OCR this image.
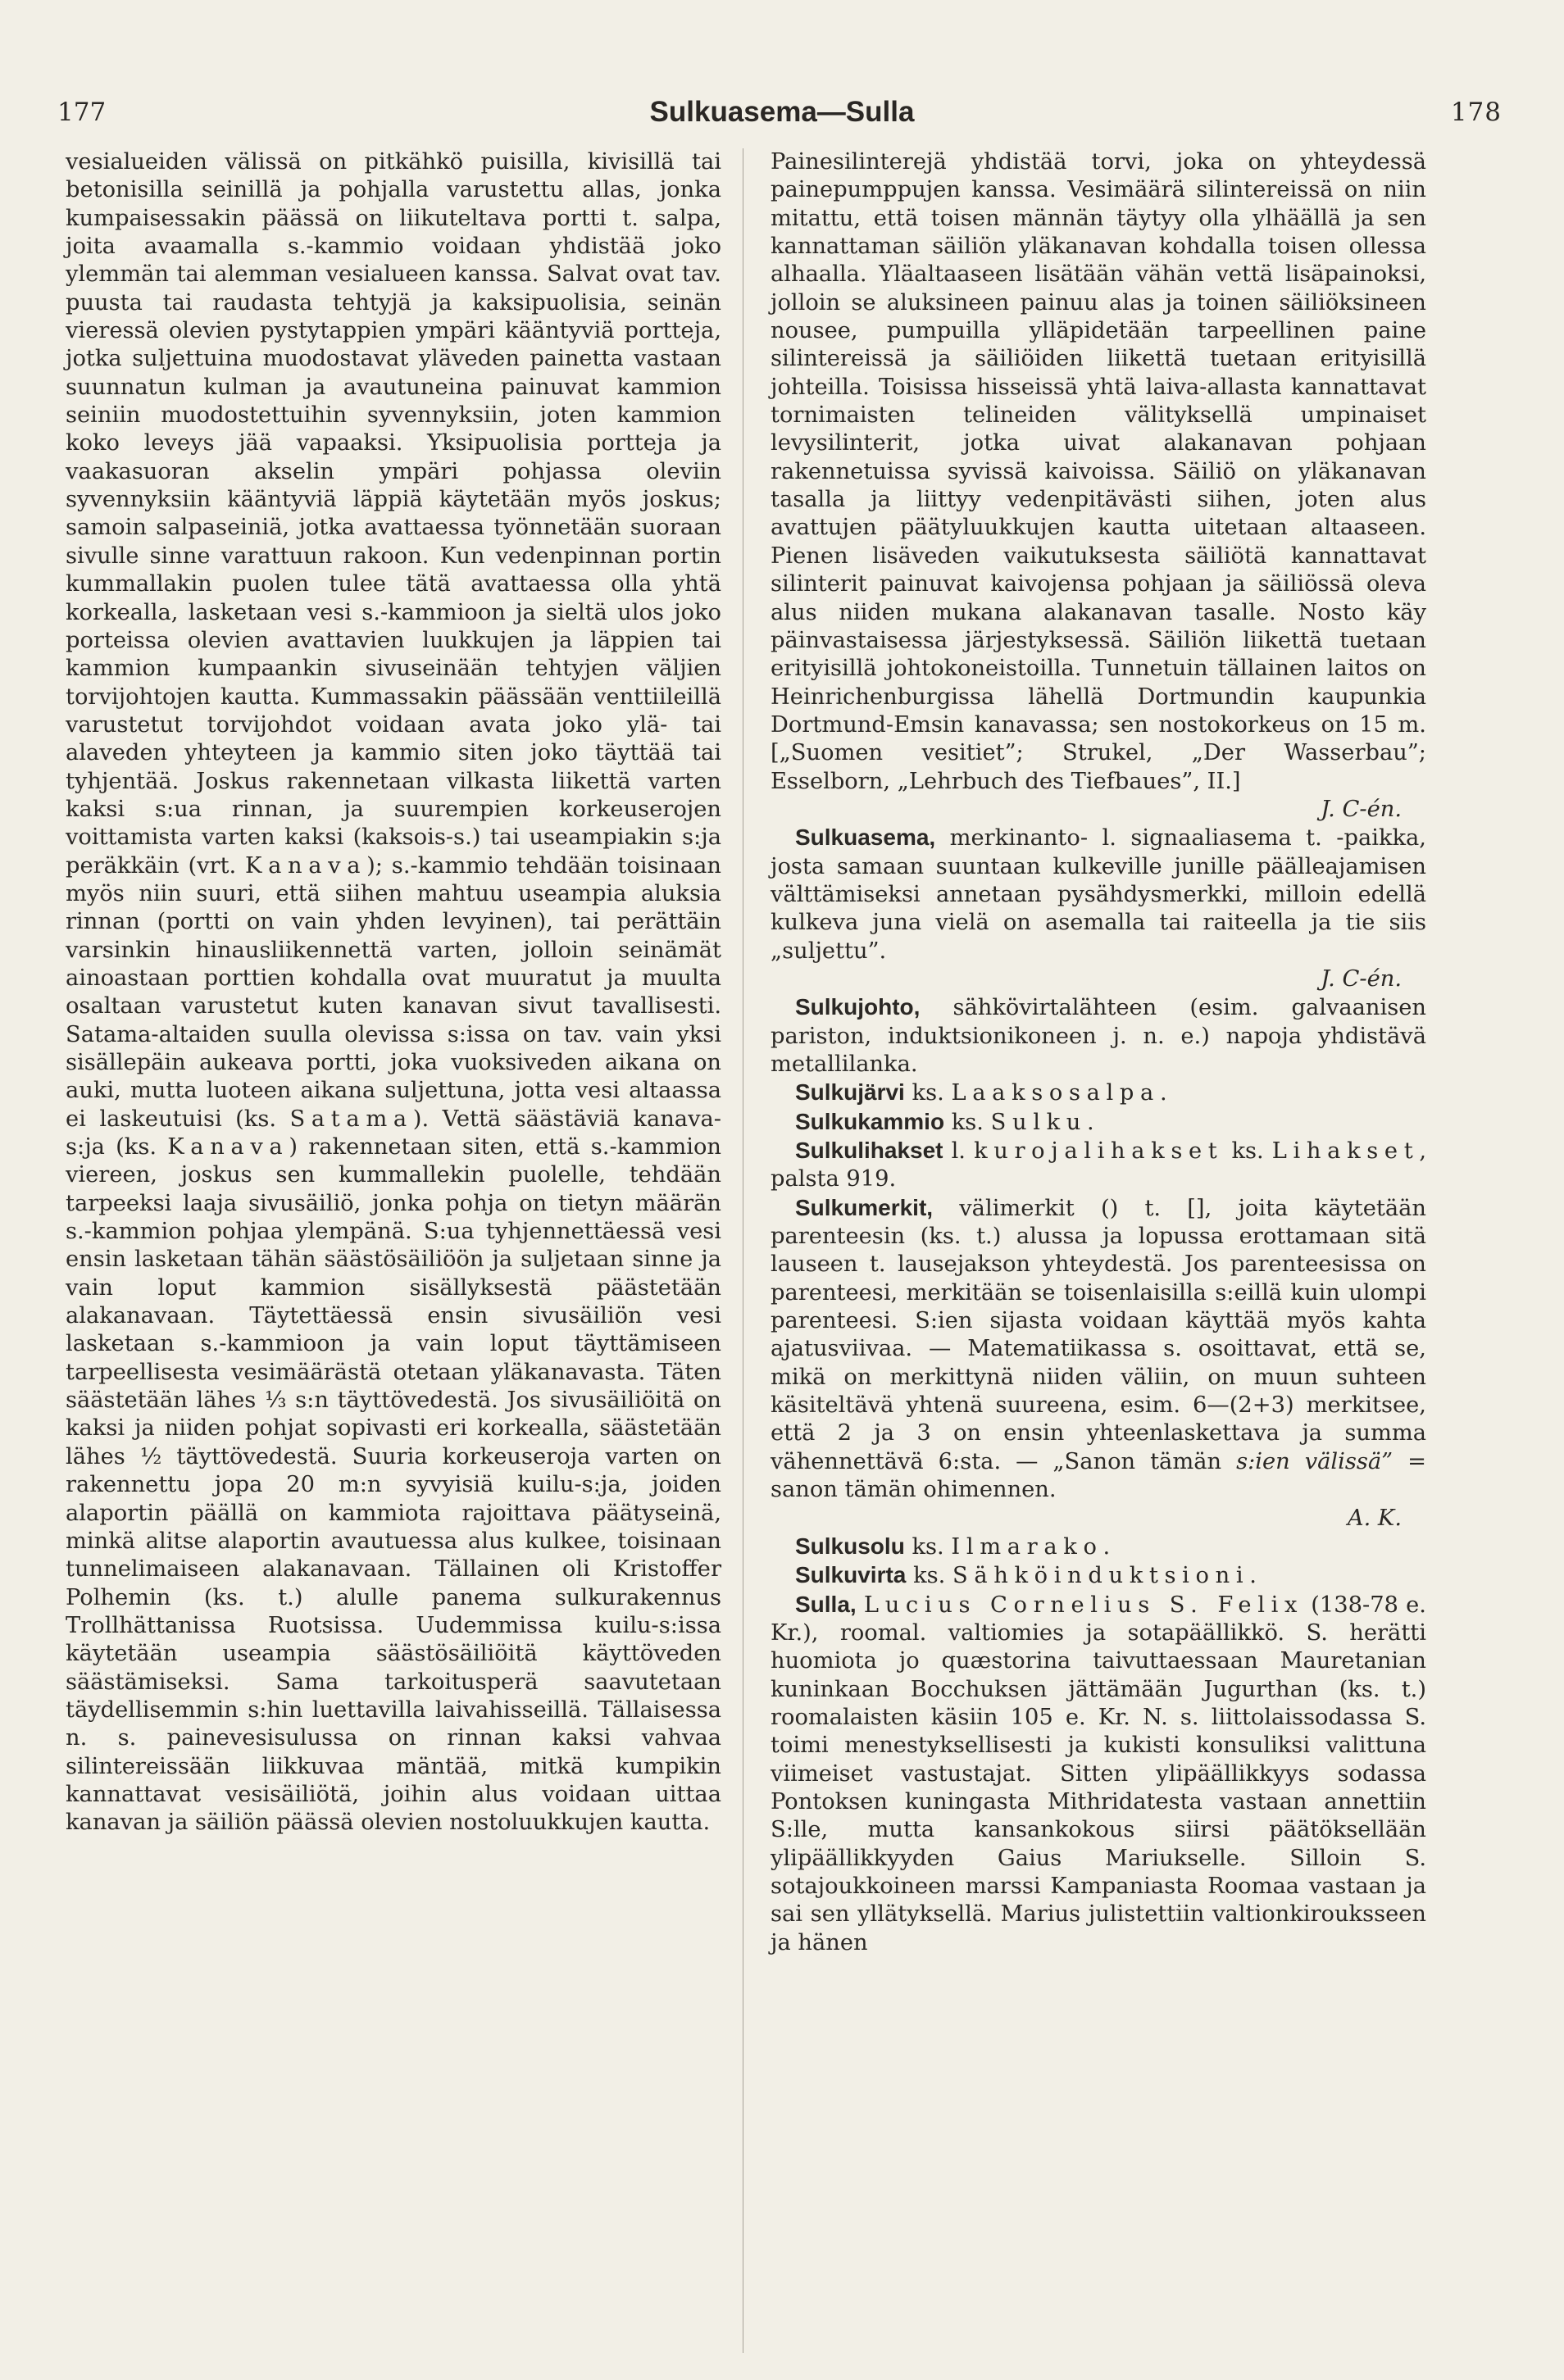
177	Sulkuasema—Sulla	178

vesialueiden välissä on pitkähkö puisilla, kivisillä tai betonisilla seinillä ja pohjalla varustettu allas, jonka kumpaisessakin päässä on liikuteltava portti t. salpa, joita avaamalla s.-kammio voidaan yhdistää joko ylemmän tai alemman vesialueen kanssa. Salvat ovat tav. puusta tai raudasta tehtyjä ja kaksipuolisia, seinän vieressä olevien pystytappien ympäri kääntyviä portteja, jotka suljettuina muodostavat yläveden painetta vastaan suunnatun kulman ja avautuneina painuvat kammion seiniin muodostettuihin syvennyksiin, joten kammion koko leveys jää vapaaksi. Yksipuolisia portteja ja vaakasuoran akselin ympäri pohjassa oleviin syvennyksiin kääntyviä läppiä käytetään myös joskus; samoin salpaseiniä, jotka avattaessa työnnetään suoraan sivulle sinne varattuun rakoon. Kun vedenpinnan portin kummallakin puolen tulee tätä avattaessa olla yhtä korkealla, lasketaan vesi s.-kammioon ja sieltä ulos joko porteissa olevien avattavien luukkujen ja läppien tai kammion kumpaankin sivuseinään tehtyjen väljien torvijohtojen kautta. Kummassakin päässään venttiileillä varustetut torvijohdot voidaan avata joko ylä- tai alaveden yhteyteen ja kammio siten joko täyttää tai tyhjentää. Joskus rakennetaan vilkasta liikettä varten kaksi s:ua rinnan, ja suurempien korkeuserojen voittamista varten kaksi (kaksois-s.) tai useampiakin s:ja peräkkäin (vrt. Kanava); s.-kammio tehdään toisinaan myös niin suuri, että siihen mahtuu useampia aluksia rinnan (portti on vain yhden levyinen), tai perättäin varsinkin hinausliikennettä varten, jolloin seinämät ainoastaan porttien kohdalla ovat muuratut ja muulta osaltaan varustetut kuten kanavan sivut tavallisesti. Satama-altaiden suulla olevissa s:issa on tav. vain yksi sisällepäin aukeava portti, joka vuoksiveden aikana on auki, mutta luoteen aikana suljettuna, jotta vesi altaassa ei laskeutuisi (ks. Satama). Vettä säästäviä kanava-s:ja (ks. Kanava) rakennetaan siten, että s.-kammion viereen, joskus sen kummallekin puolelle, tehdään tarpeeksi laaja sivusäiliö, jonka pohja on tietyn määrän s.-kammion pohjaa ylempänä. S:ua tyhjennettäessä vesi ensin lasketaan tähän säästösäiliöön ja suljetaan sinne ja vain loput kammion sisällyksestä päästetään alakanavaan. Täytettäessä ensin sivusäiliön vesi lasketaan s.-kammioon ja vain loput täyttämiseen tarpeellisesta vesimäärästä otetaan yläkanavasta. Täten säästetään lähes ⅓ s:n täyttövedestä. Jos sivusäiliöitä on kaksi ja niiden pohjat sopivasti eri korkealla, säästetään lähes ½ täyttövedestä. Suuria korkeuseroja varten on rakennettu jopa 20 m:n syvyisiä kuilu-s:ja, joiden alaportin päällä on kammiota rajoittava päätyseinä, minkä alitse alaportin avautuessa alus kulkee, toisinaan tunnelimaiseen alakanavaan. Tällainen oli Kristoffer Polhemin (ks. t.) alulle panema sulkurakennus Trollhättanissa Ruotsissa. Uudemmissa kuilu-s:issa käytetään useampia säästösäiliöitä käyttöveden säästämiseksi. Sama tarkoitusperä saavutetaan täydellisemmin s:hin luettavilla laivahisseillä. Tällaisessa n. s. painevesisulussa on rinnan kaksi vahvaa silintereissään liikkuvaa mäntää, mitkä kumpikin kannattavat vesisäiliötä, joihin alus voidaan uittaa kanavan ja säiliön päässä olevien nostoluukkujen kautta.

Painesilinterejä yhdistää torvi, joka on yhteydessä painepumppujen kanssa. Vesimäärä silintereissä on niin mitattu, että toisen männän täytyy olla ylhäällä ja sen kannattaman säiliön yläkanavan kohdalla toisen ollessa alhaalla. Yläaltaaseen lisätään vähän vettä lisäpainoksi, jolloin se aluksineen painuu alas ja toinen säiliöksineen nousee, pumpuilla ylläpidetään tarpeellinen paine silintereissä ja säiliöiden liikettä tuetaan erityisillä johteilla. Toisissa hisseissä yhtä laiva-allasta kannattavat tornimaisten telineiden välityksellä umpinaiset levysilinterit, jotka uivat alakanavan pohjaan rakennetuissa syvissä kaivoissa. Säiliö on yläkanavan tasalla ja liittyy vedenpitävästi siihen, joten alus avattujen päätyluukkujen kautta uitetaan altaaseen. Pienen lisäveden vaikutuksesta säiliötä kannattavat silinterit painuvat kaivojensa pohjaan ja säiliössä oleva alus niiden mukana alakanavan tasalle. Nosto käy päinvastaisessa järjestyksessä. Säiliön liikettä tuetaan erityisillä johtokoneistoilla. Tunnetuin tällainen laitos on Heinrichenburgissa lähellä Dortmundin kaupunkia Dortmund-Emsin kanavassa; sen nostokorkeus on 15 m. [„Suomen vesitiet”; Strukel, „Der Wasserbau”; Esselborn, „Lehrbuch des Tiefbaues”, II.]

J. C-én.

Sulkuasema, merkinanto- l. signaaliasema t. -paikka, josta samaan suuntaan kulkeville junille päälleajamisen välttämiseksi annetaan pysähdysmerkki, milloin edellä kulkeva juna vielä on asemalla tai raiteella ja tie siis „suljettu”.

J. C-én.

Sulkujohto, sähkövirtalähteen (esim. galvaanisen pariston, induktsionikoneen j. n. e.) napoja yhdistävä metallilanka.

Sulkujärvi ks. Laaksosalpa.

Sulkukammio ks. Sulku.

Sulkulihakset l. kurojalihakset ks. Lihakset, palsta 919.

Sulkumerkit, välimerkit () t. [], joita käytetään parenteesin (ks. t.) alussa ja lopussa erottamaan sitä lauseen t. lausejakson yhteydestä. Jos parenteesissa on parenteesi, merkitään se toisenlaisilla s:eillä kuin ulompi parenteesi. S:ien sijasta voidaan käyttää myös kahta ajatusviivaa. — Matematiikassa s. osoittavat, että se, mikä on merkittynä niiden väliin, on muun suhteen käsiteltävä yhtenä suureena, esim. 6—(2+3) merkitsee, että 2 ja 3 on ensin yhteenlaskettava ja summa vähennettävä 6:sta. — „Sanon tämän s:ien välissä” = sanon tämän ohimennen.

A. K.

Sulkusolu ks. Ilmarako.

Sulkuvirta ks. Sähköinduktsioni.

Sulla, Lucius Cornelius S. Felix (138-78 e. Kr.), roomal. valtiomies ja sotapäällikkö. S. herätti huomiota jo quæstorina taivuttaessaan Mauretanian kuninkaan Bocchuksen jättämään Jugurthan (ks. t.) roomalaisten käsiin 105 e. Kr. N. s. liittolaissodassa S. toimi menestyksellisesti ja kukisti konsuliksi valittuna viimeiset vastustajat. Sitten ylipäällikkyys sodassa Pontoksen kuningasta Mithridatesta vastaan annettiin S:lle, mutta kansankokous siirsi päätöksellään ylipäällikkyyden Gaius Mariukselle. Silloin S. sotajoukkoineen marssi Kampaniasta Roomaa vastaan ja sai sen yllätyksellä. Marius julistettiin valtionkirouksseen ja hänen
